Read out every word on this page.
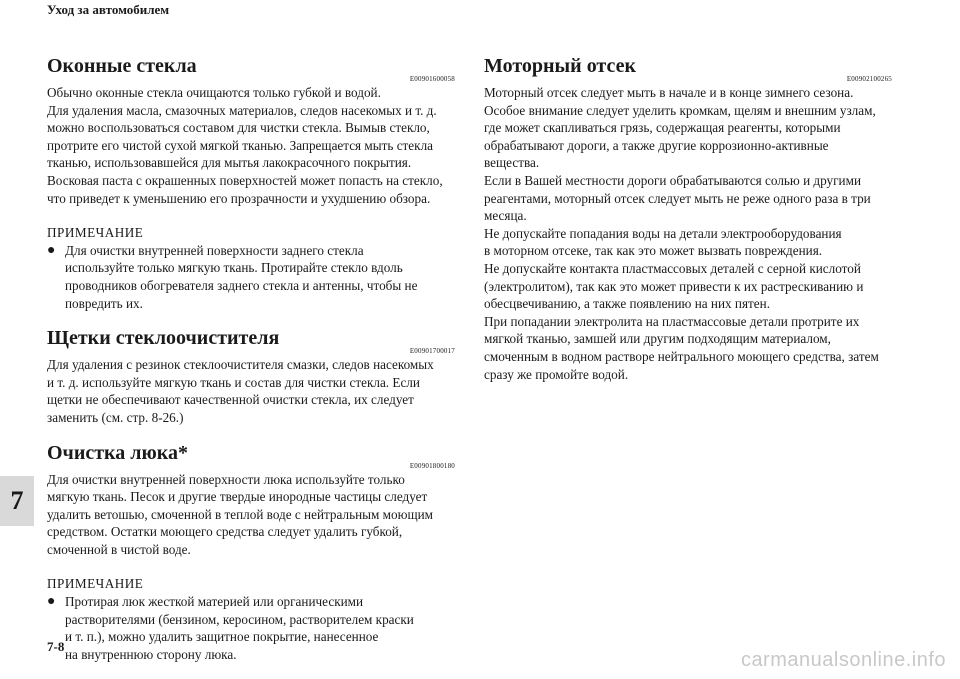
Уход за автомобилем
Оконные стекла
E00901600058
Обычно оконные стекла очищаются только губкой и водой.
Для удаления масла, смазочных материалов, следов насекомых и т. д.
можно воспользоваться составом для чистки стекла. Вымыв стекло,
протрите его чистой сухой мягкой тканью. Запрещается мыть стекла
тканью, использовавшейся для мытья лакокрасочного покрытия.
Восковая паста с окрашенных поверхностей может попасть на стекло,
что приведет к уменьшению его прозрачности и ухудшению обзора.
ПРИМЕЧАНИЕ
● Для очистки внутренней поверхности заднего стекла
используйте только мягкую ткань. Протирайте стекло вдоль
проводников обогревателя заднего стекла и антенны, чтобы не
повредить их.
Щетки стеклоочистителя
E00901700017
Для удаления с резинок стеклоочистителя смазки, следов насекомых
и т. д. используйте мягкую ткань и состав для чистки стекла. Если
щетки не обеспечивают качественной очистки стекла, их следует
заменить (см. стр. 8-26.)
Очистка люка*
E00901800180
Для очистки внутренней поверхности люка используйте только
мягкую ткань. Песок и другие твердые инородные частицы следует
удалить ветошью, смоченной в теплой воде с нейтральным моющим
средством. Остатки моющего средства следует удалить губкой,
смоченной в чистой воде.
ПРИМЕЧАНИЕ
● Протирая люк жесткой материей или органическими
растворителями (бензином, керосином, растворителем краски
и т. п.), можно удалить защитное покрытие, нанесенное
на внутреннюю сторону люка.
Моторный отсек
E00902100265
Моторный отсек следует мыть в начале и в конце зимнего сезона.
Особое внимание следует уделить кромкам, щелям и внешним узлам,
где может скапливаться грязь, содержащая реагенты, которыми
обрабатывают дороги, а также другие коррозионно-активные
вещества.
Если в Вашей местности дороги обрабатываются солью и другими
реагентами, моторный отсек следует мыть не реже одного раза в три
месяца.
Не допускайте попадания воды на детали электрооборудования
в моторном отсеке, так как это может вызвать повреждения.
Не допускайте контакта пластмассовых деталей с серной кислотой
(электролитом), так как это может привести к их растрескиванию и
обесцвечиванию, а также появлению на них пятен.
При попадании электролита на пластмассовые детали протрите их
мягкой тканью, замшей или другим подходящим материалом,
смоченным в водном растворе нейтрального моющего средства, затем
сразу же промойте водой.
7
7-8
carmanualsonline.info
